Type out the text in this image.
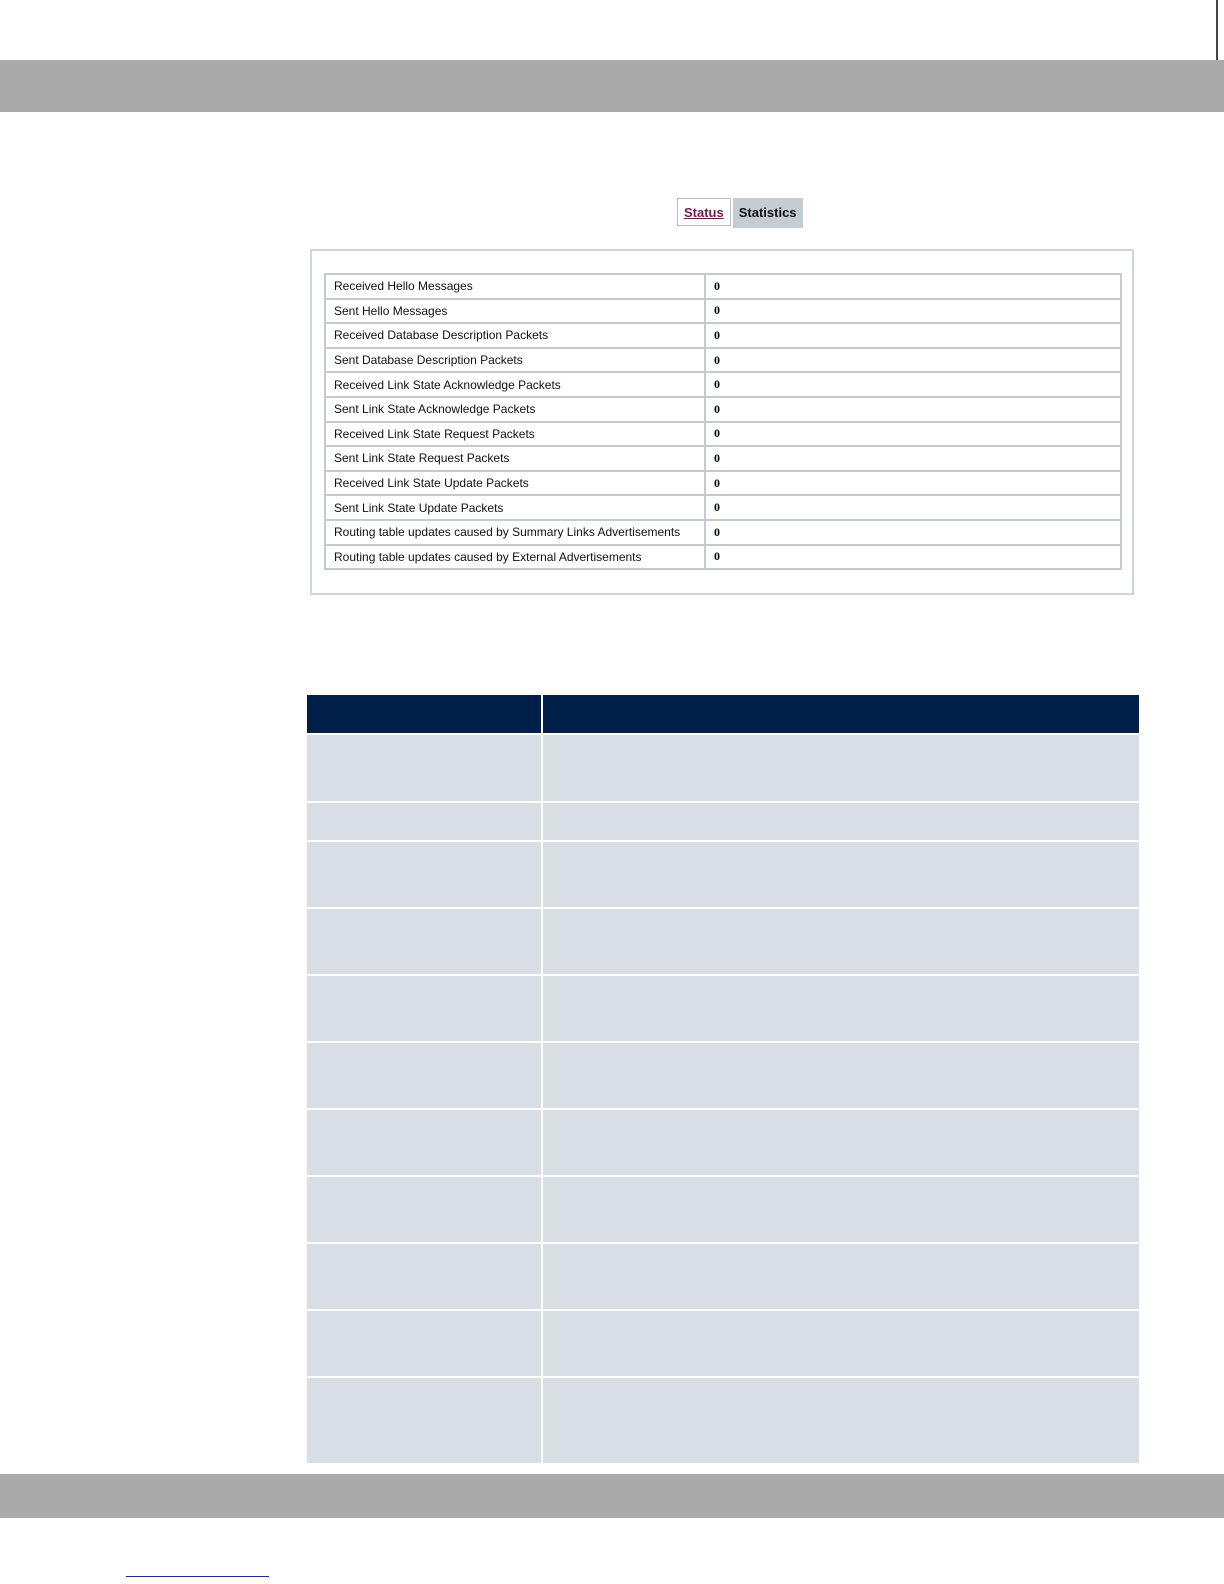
Status	Statistics
Received Hello Messages	0
Sent Hello Messages	0
Received Database Description Packets	0
Sent Database Description Packets	0
Received Link State Acknowledge Packets	0
Sent Link State Acknowledge Packets	0
Received Link State Request Packets	0
Sent Link State Request Packets	0
Received Link State Update Packets	0
Sent Link State Update Packets	0
Routing table updates caused by Summary Links Advertisements	0
Routing table updates caused by External Advertisements	0
